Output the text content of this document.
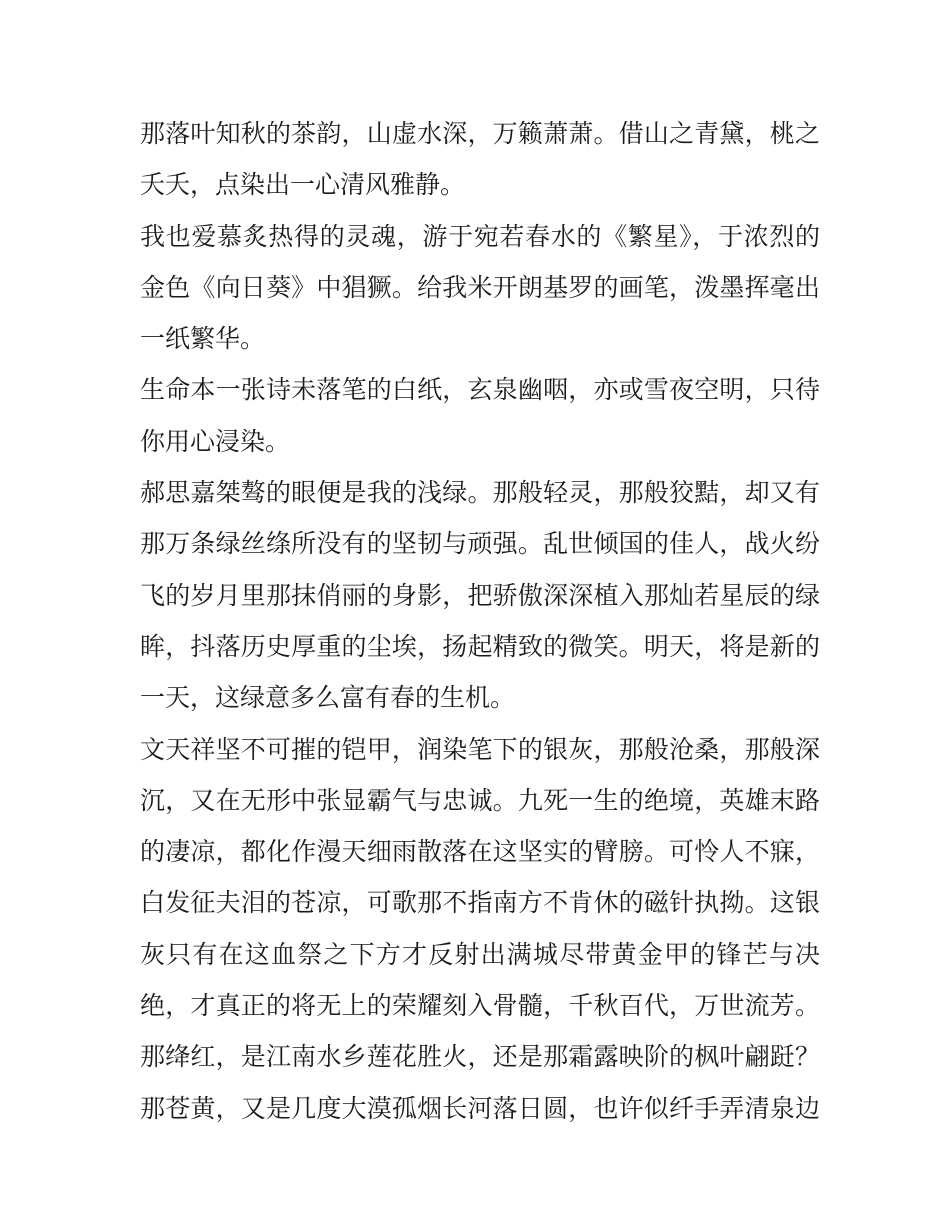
那落叶知秋的茶韵，山虚水深，万籁萧萧。借山之青黛，桃之
夭夭，点染出一心清风雅静。
我也爱慕炙热得的灵魂，游于宛若春水的《繁星》，于浓烈的
金色《向日葵》中猖獗。给我米开朗基罗的画笔，泼墨挥毫出
一纸繁华。
生命本一张诗未落笔的白纸，玄泉幽咽，亦或雪夜空明，只待
你用心浸染。
郝思嘉桀骜的眼便是我的浅绿。那般轻灵，那般狡黠，却又有
那万条绿丝绦所没有的坚韧与顽强。乱世倾国的佳人，战火纷
飞的岁月里那抹俏丽的身影，把骄傲深深植入那灿若星辰的绿
眸，抖落历史厚重的尘埃，扬起精致的微笑。明天，将是新的
一天，这绿意多么富有春的生机。
文天祥坚不可摧的铠甲，润染笔下的银灰，那般沧桑，那般深
沉，又在无形中张显霸气与忠诚。九死一生的绝境，英雄末路
的凄凉，都化作漫天细雨散落在这坚实的臂膀。可怜人不寐，
白发征夫泪的苍凉，可歌那不指南方不肯休的磁针执拗。这银
灰只有在这血祭之下方才反射出满城尽带黄金甲的锋芒与决
绝，才真正的将无上的荣耀刻入骨髓，千秋百代，万世流芳。
那绛红，是江南水乡莲花胜火，还是那霜露映阶的枫叶翩跹？
那苍黄，又是几度大漠孤烟长河落日圆，也许似纤手弄清泉边
